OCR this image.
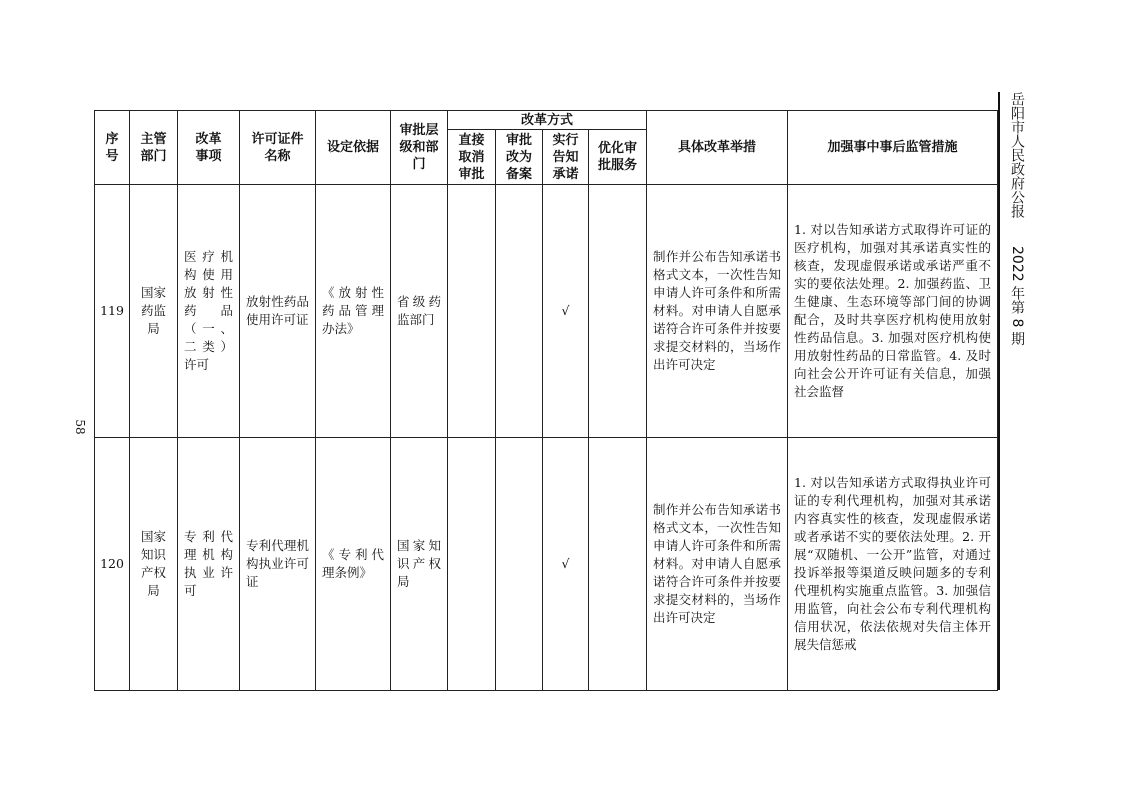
58
岳阳市人民政府公报　　2022 年第 8 期
序号	主管部门	改革事项	许可证件名称	设定依据	审批层级和部门	改革方式				具体改革举措	加强事中事后监管措施
						直接取消审批	审批改为备案	实行告知承诺	优化审批服务		
119	国家药监局	医疗机构使用放射性药品（一、二类）许可	放射性药品使用许可证	《放射性药品管理办法》	省级药监部门			√		制作并公布告知承诺书格式文本，一次性告知申请人许可条件和所需材料。对申请人自愿承诺符合许可条件并按要求提交材料的，当场作出许可决定	1. 对以告知承诺方式取得许可证的医疗机构，加强对其承诺真实性的核查，发现虚假承诺或承诺严重不实的要依法处理。2. 加强药监、卫生健康、生态环境等部门间的协调配合，及时共享医疗机构使用放射性药品信息。3. 加强对医疗机构使用放射性药品的日常监管。4. 及时向社会公开许可证有关信息，加强社会监督
120	国家知识产权局	专利代理机构执业许可	专利代理机构执业许可证	《专利代理条例》	国家知识产权局			√		制作并公布告知承诺书格式文本，一次性告知申请人许可条件和所需材料。对申请人自愿承诺符合许可条件并按要求提交材料的，当场作出许可决定	1. 对以告知承诺方式取得执业许可证的专利代理机构，加强对其承诺内容真实性的核查，发现虚假承诺或者承诺不实的要依法处理。2. 开展“双随机、一公开”监管，对通过投诉举报等渠道反映问题多的专利代理机构实施重点监管。3. 加强信用监管，向社会公布专利代理机构信用状况，依法依规对失信主体开展失信惩戒
